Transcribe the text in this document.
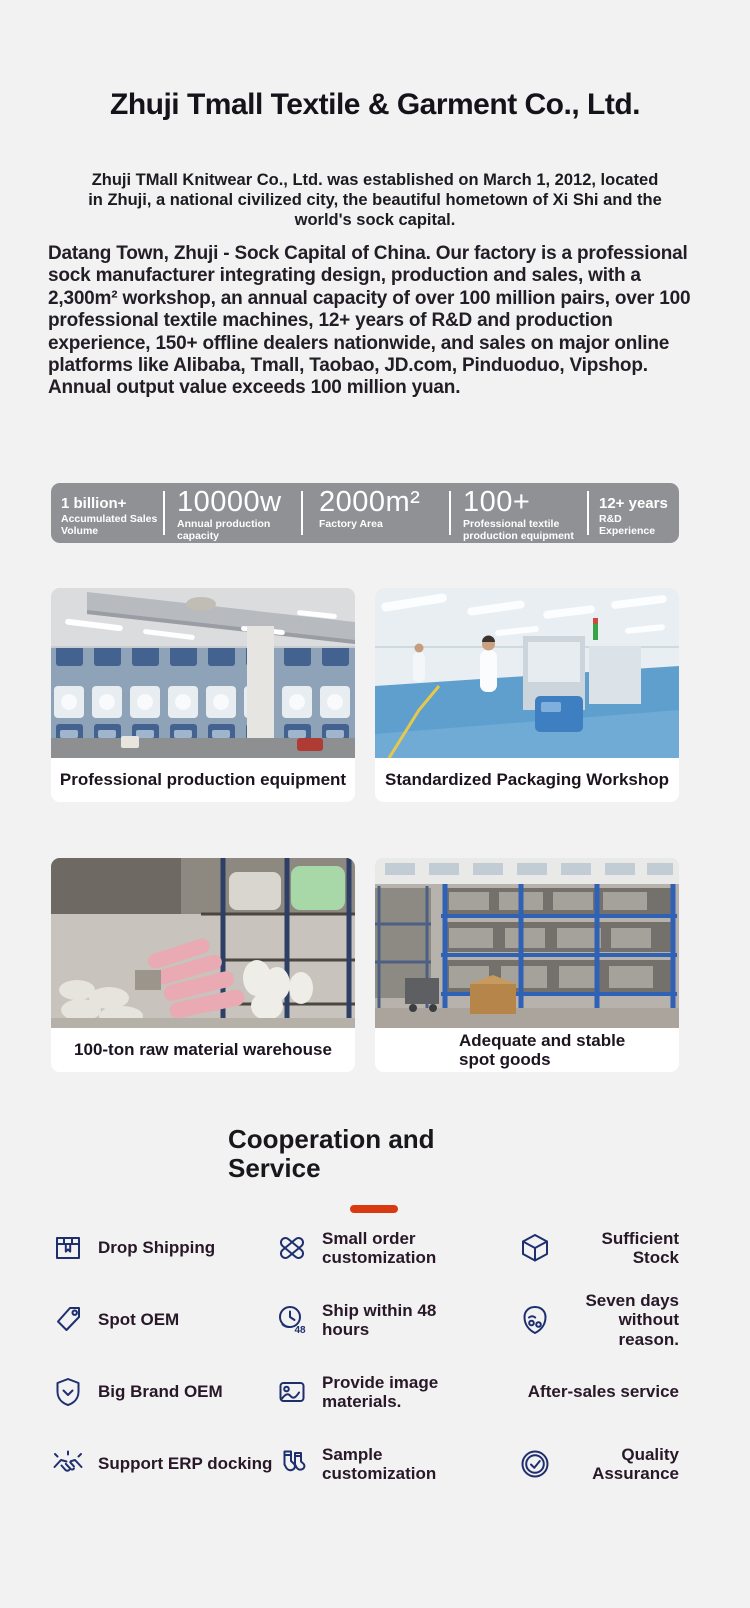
Zhuji Tmall Textile & Garment Co., Ltd.

Zhuji TMall Knitwear Co., Ltd. was established on March 1, 2012, located in Zhuji, a national civilized city, the beautiful hometown of Xi Shi and the world's sock capital.

Datang Town, Zhuji - Sock Capital of China. Our factory is a professional sock manufacturer integrating design, production and sales, with a 2,300m² workshop, an annual capacity of over 100 million pairs, over 100 professional textile machines, 12+ years of R&D and production experience, 150+ offline dealers nationwide, and sales on major online platforms like Alibaba, Tmall, Taobao, JD.com, Pinduoduo, Vipshop. Annual output value exceeds 100 million yuan.

1 billion+
Accumulated Sales Volume
10000w
Annual production capacity
2000m²
Factory Area
100+
Professional textile production equipment
12+ years
R&D Experience
Professional production equipment	Standardized Packaging Workshop
100-ton raw material warehouse	Adequate and stable spot goods
Cooperation and Service
Drop Shipping
Small order customization
Sufficient Stock
Spot OEM
48
Ship within 48 hours
Seven days without reason.
Big Brand OEM
Provide image materials.
After-sales service
Support ERP docking
Sample customization
Quality Assurance
